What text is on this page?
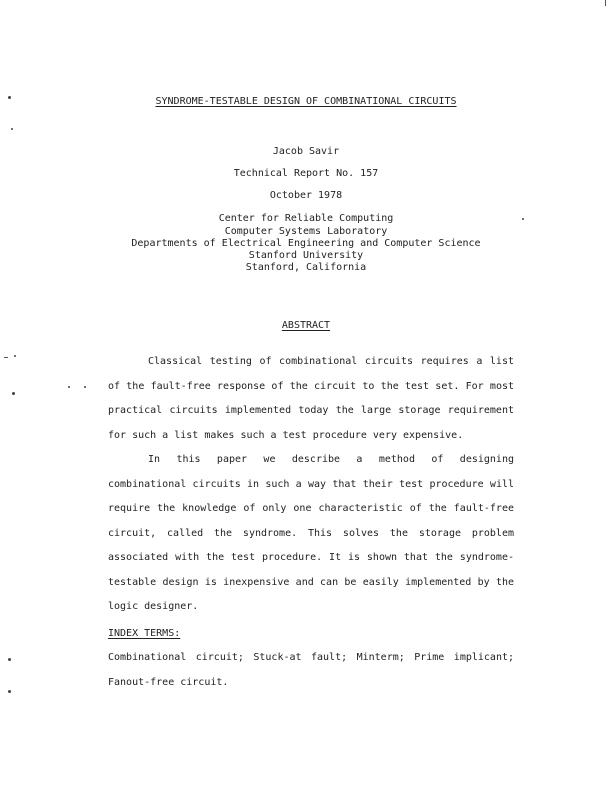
SYNDROME-TESTABLE DESIGN OF COMBINATIONAL CIRCUITS
Jacob Savir
Technical Report No. 157
October 1978
Center for Reliable Computing
Computer Systems Laboratory
Departments of Electrical Engineering and Computer Science
Stanford University
Stanford, California
ABSTRACT

Classical testing of combinational circuits requires a list of the fault-free response of the circuit to the test set. For most practical circuits implemented today the large storage requirement for such a list makes such a test procedure very expensive.

In this paper we describe a method of designing combinational circuits in such a way that their test procedure will require the knowledge of only one characteristic of the fault-free circuit, called the syndrome. This solves the storage problem associated with the test procedure. It is shown that the syndrome-testable design is inexpensive and can be easily implemented by the logic designer.

INDEX TERMS:
Combinational circuit; Stuck-at fault; Minterm; Prime implicant; Fanout-free circuit.
